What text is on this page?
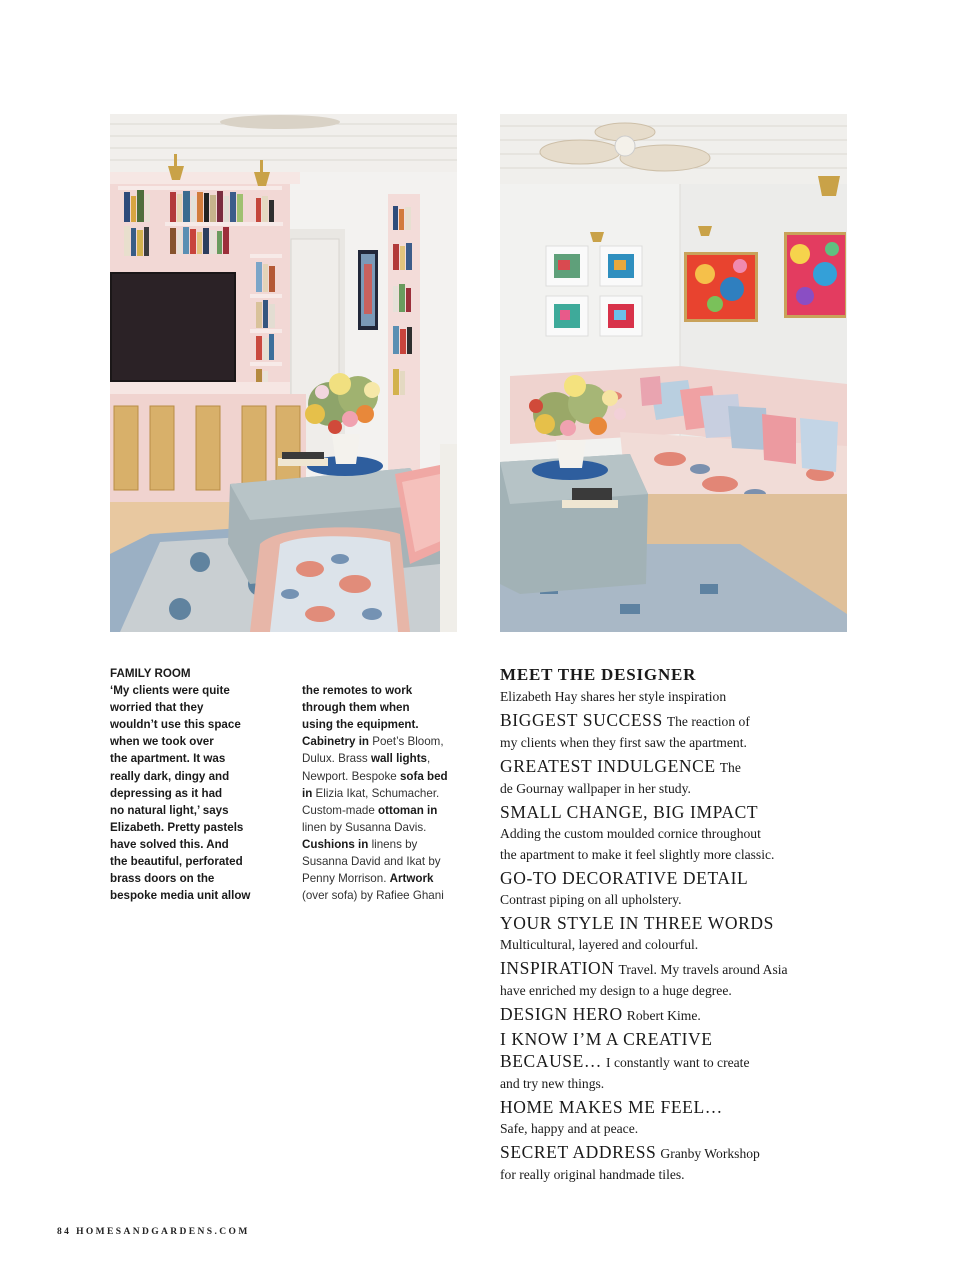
FAMILY ROOM
‘My clients were quite
worried that they
wouldn’t use this space
when we took over
the apartment. It was
really dark, dingy and
depressing as it had
no natural light,’ says
Elizabeth. Pretty pastels
have solved this. And
the beautiful, perforated
brass doors on the
bespoke media unit allow
the remotes to work
through them when
using the equipment.
Cabinetry in Poet’s Bloom,
Dulux. Brass wall lights,
Newport. Bespoke sofa bed
in Elizia Ikat, Schumacher.
Custom-made ottoman in
linen by Susanna Davis.
Cushions in linens by
Susanna David and Ikat by
Penny Morrison. Artwork
(over sofa) by Rafiee Ghani
MEET THE DESIGNER
Elizabeth Hay shares her style inspiration
BIGGEST SUCCESS The reaction of
my clients when they first saw the apartment.
GREATEST INDULGENCE The
de Gournay wallpaper in her study.
SMALL CHANGE, BIG IMPACT
Adding the custom moulded cornice throughout
the apartment to make it feel slightly more classic.
GO-TO DECORATIVE DETAIL
Contrast piping on all upholstery.
YOUR STYLE IN THREE WORDS
Multicultural, layered and colourful.
INSPIRATION Travel. My travels around Asia
have enriched my design to a huge degree.
DESIGN HERO Robert Kime.
I KNOW I’M A CREATIVE
BECAUSE… I constantly want to create
and try new things.
HOME MAKES ME FEEL…
Safe, happy and at peace.
SECRET ADDRESS Granby Workshop
for really original handmade tiles.
84 HOMESANDGARDENS.COM
